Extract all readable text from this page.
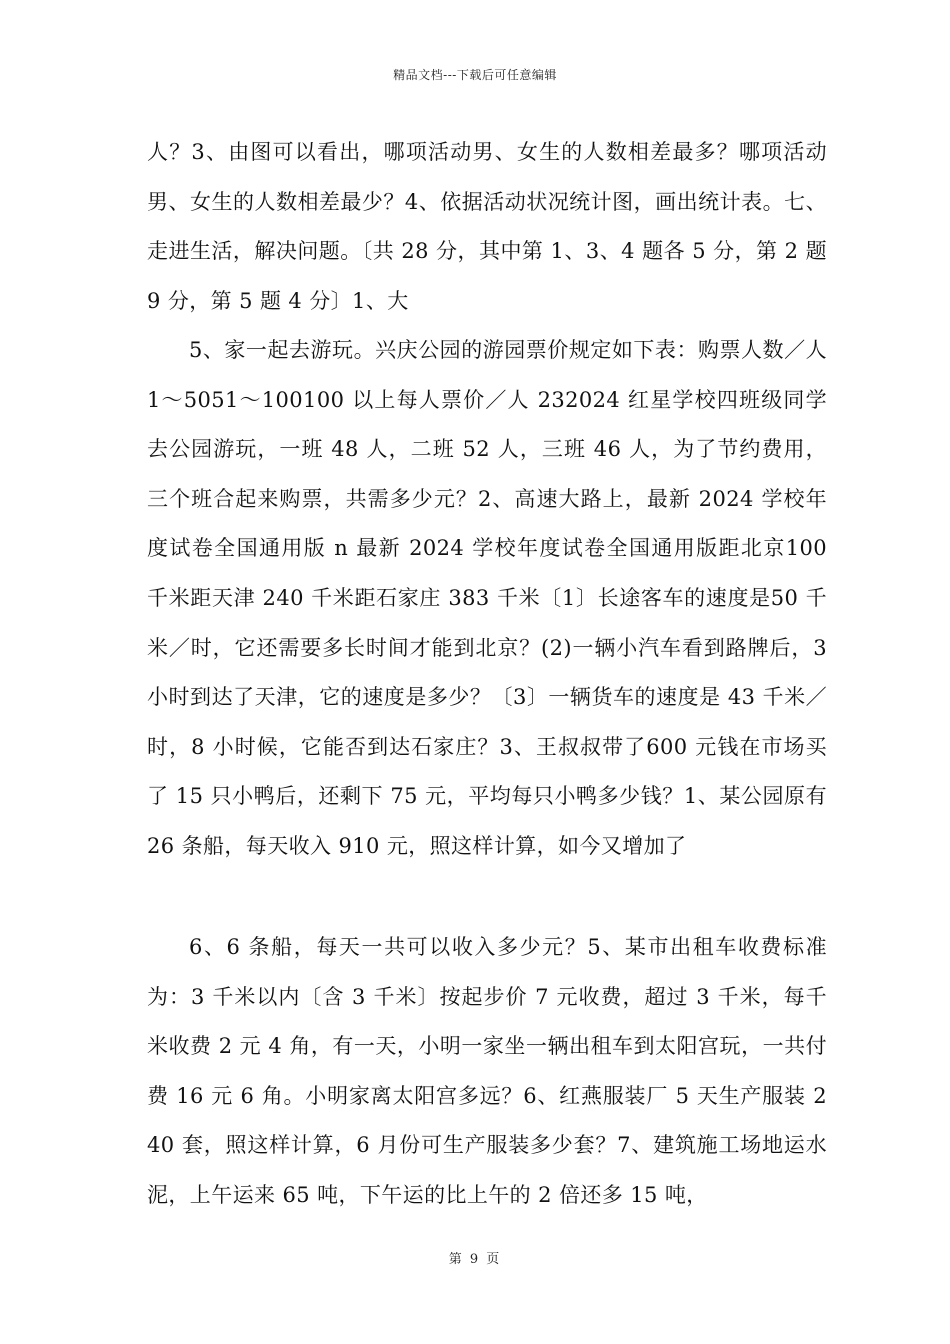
精品文档---下载后可任意编辑

人？3、由图可以看出，哪项活动男、女生的人数相差最多？哪项活动男、女生的人数相差最少？4、依据活动状况统计图，画出统计表。七、走进生活，解决问题。〔共 28 分，其中第 1、3、4 题各 5 分，第 2 题 9 分，第 5 题 4 分〕1、大

5、家一起去游玩。兴庆公园的游园票价规定如下表：购票人数／人 1～5051～100100 以上每人票价／人 232024 红星学校四班级同学去公园游玩，一班 48 人，二班 52 人，三班 46 人，为了节约费用，三个班合起来购票，共需多少元？2、高速大路上，最新 2024 学校年度试卷全国通用版 n 最新 2024 学校年度试卷全国通用版距北京100 千米距天津 240 千米距石家庄 383 千米〔1〕长途客车的速度是50 千米／时，它还需要多长时间才能到北京？(2)一辆小汽车看到路牌后，3 小时到达了天津，它的速度是多少？〔3〕一辆货车的速度是 43 千米／时，8 小时候，它能否到达石家庄？3、王叔叔带了600 元钱在市场买了 15 只小鸭后，还剩下 75 元，平均每只小鸭多少钱？1、某公园原有 26 条船，每天收入 910 元，照这样计算，如今又增加了

6、6 条船，每天一共可以收入多少元？5、某市出租车收费标准为：3 千米以内〔含 3 千米〕按起步价 7 元收费，超过 3 千米，每千米收费 2 元 4 角，有一天，小明一家坐一辆出租车到太阳宫玩，一共付费 16 元 6 角。小明家离太阳宫多远？6、红燕服装厂 5 天生产服装 240 套，照这样计算，6 月份可生产服装多少套？7、建筑施工场地运水泥，上午运来 65 吨，下午运的比上午的 2 倍还多 15 吨，

第 9 页
